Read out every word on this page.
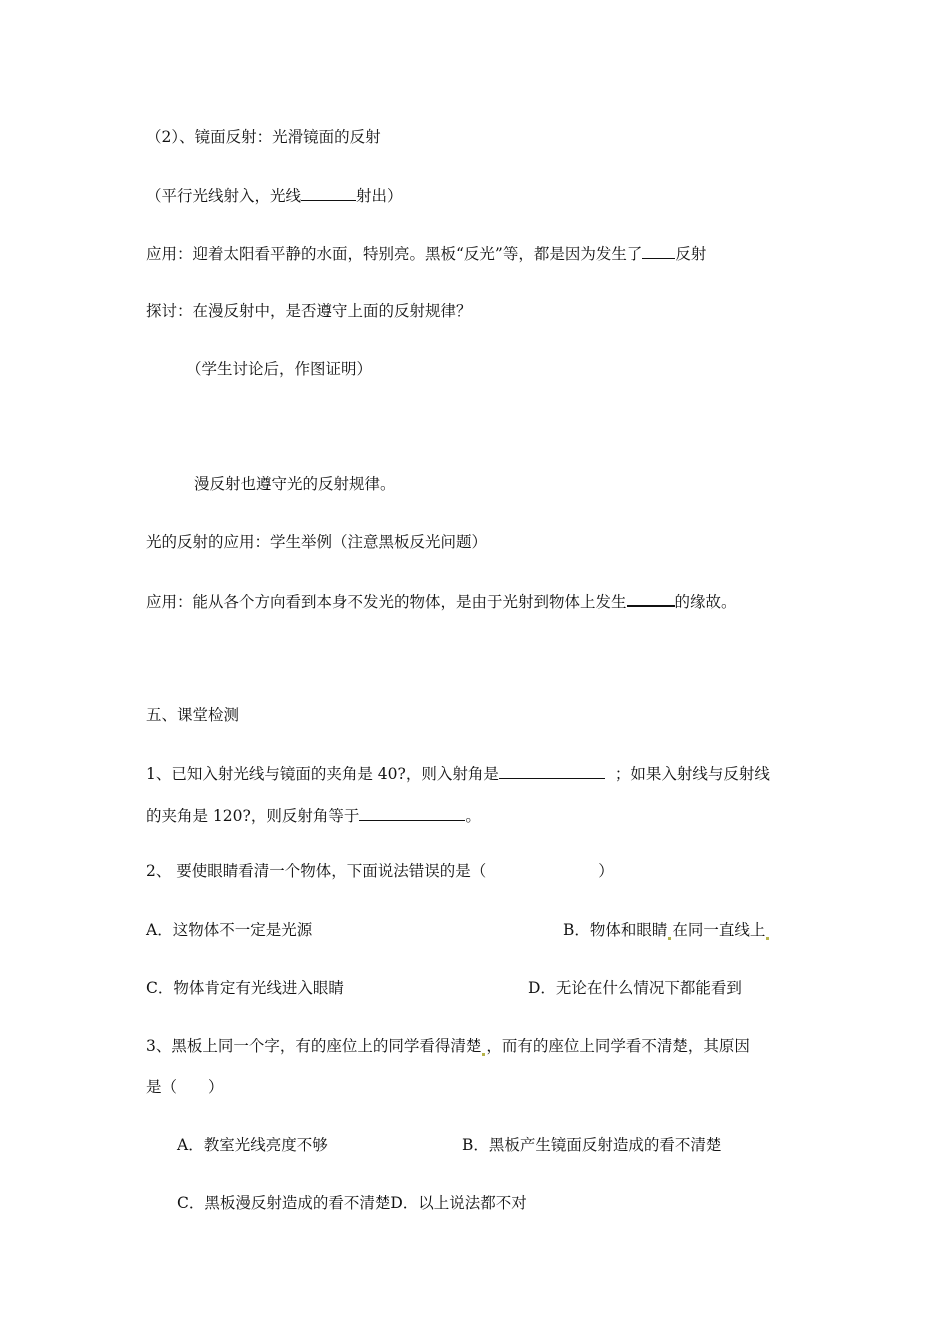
（2）、镜面反射：光滑镜面的反射
（平行光线射入，光线	射出）
应用：迎着太阳看平静的水面，特别亮。黑板“反光”等，都是因为发生了 反射
探讨：在漫反射中，是否遵守上面的反射规律？
（学生讨论后，作图证明）
漫反射也遵守光的反射规律。
光的反射的应用：学生举例（注意黑板反光问题）
应用：能从各个方向看到本身不发光的物体，是由于光射到物体上发生	的缘故。
五、课堂检测
1、已知入射光线与镜面的夹角是 40?，则入射角是	；如果入射线与反射线
的夹角是 120?，则反射角等于	。
2、 要使眼睛看清一个物体，下面说法错误的是（	）
A．这物体不一定是光源	B．物体和眼睛 在同一直线上
C．物体肯定有光线进入眼睛	D．无论在什么情况下都能看到
3、黑板上同一个字，有的座位上的同学看得清楚 ，而有的座位上同学看不清楚，其原因
是（　　）
A．教室光线亮度不够	B．黑板产生镜面反射造成的看不清楚
C．黑板漫反射造成的看不清楚D．以上说法都不对
